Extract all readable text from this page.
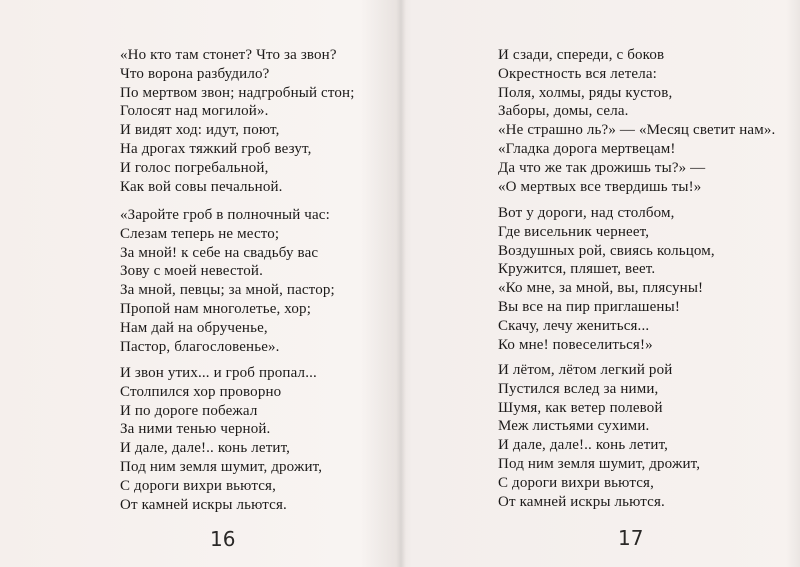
«Но кто там стонет? Что за звон?
Что ворона разбудило?
По мертвом звон; надгробный стон;
Голосят над могилой».
И видят ход: идут, поют,
На дрогах тяжкий гроб везут,
И голос погребальной,
Как вой совы печальной.
«Заройте гроб в полночный час:
Слезам теперь не место;
За мной! к себе на свадьбу вас
Зову с моей невестой.
За мной, певцы; за мной, пастор;
Пропой нам многолетье, хор;
Нам дай на обрученье,
Пастор, благословенье».
И звон утих... и гроб пропал...
Столпился хор проворно
И по дороге побежал
За ними тенью черной.
И дале, дале!.. конь летит,
Под ним земля шумит, дрожит,
С дороги вихри вьются,
От камней искры льются.
16
И сзади, спереди, с боков
Окрестность вся летела:
Поля, холмы, ряды кустов,
Заборы, домы, села.
«Не страшно ль?» — «Месяц светит нам».
«Гладка дорога мертвецам!
Да что же так дрожишь ты?» —
«О мертвых все твердишь ты!»
Вот у дороги, над столбом,
Где висельник чернеет,
Воздушных рой, свиясь кольцом,
Кружится, пляшет, веет.
«Ко мне, за мной, вы, плясуны!
Вы все на пир приглашены!
Скачу, лечу жениться...
Ко мне! повеселиться!»
И лётом, лётом легкий рой
Пустился вслед за ними,
Шумя, как ветер полевой
Меж листьями сухими.
И дале, дале!.. конь летит,
Под ним земля шумит, дрожит,
С дороги вихри вьются,
От камней искры льются.
17
